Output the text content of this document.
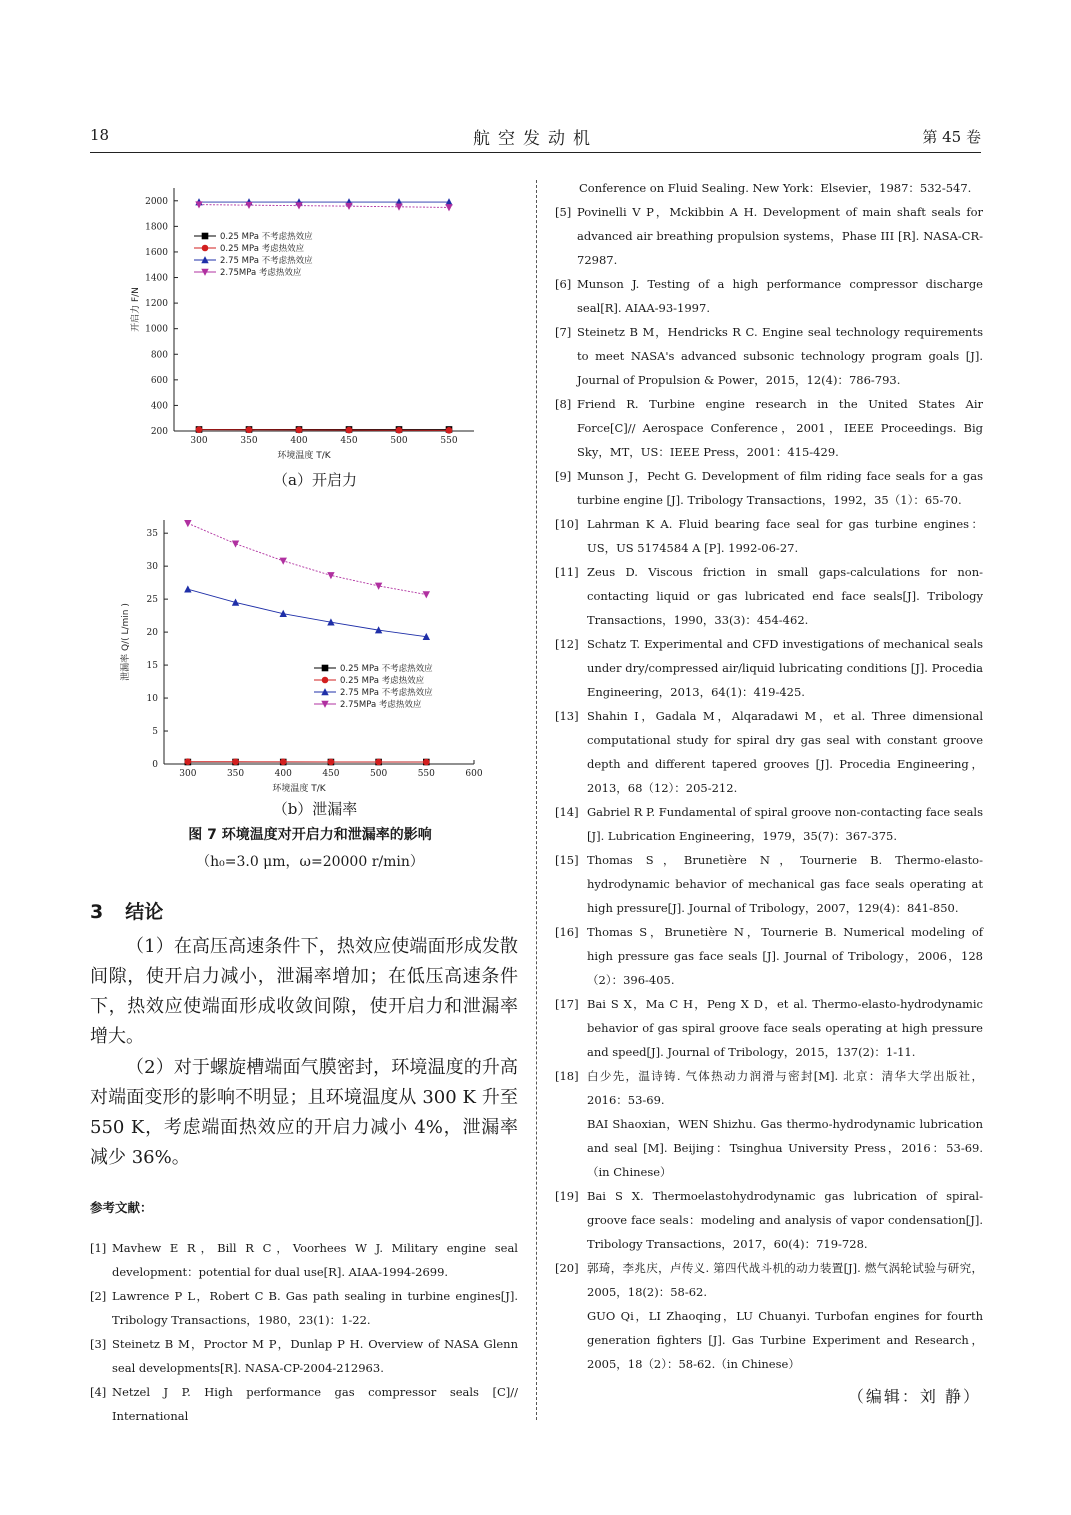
18	航空发动机	第 45 卷
200
400
600
800
1000
1200
1400
1600
1800
2000
300	350	400	450	500	550
环境温度 T/K
开启力 F/N
0.25 MPa 不考虑热效应
0.25 MPa 考虑热效应
2.75 MPa 不考虑热效应
2.75MPa 考虑热效应
（a）开启力
0
5
10
15
20
25
30
35
300	350	400	450	500	550	600
环境温度 T/K
泄漏率 Q/( L/min )	0.25 MPa 不考虑热效应
0.25 MPa 考虑热效应
2.75 MPa 不考虑热效应
2.75MPa 考虑热效应
（b）泄漏率
图 7 环境温度对开启力和泄漏率的影响
（h₀=3.0 μm，ω=20000 r/min）
3 结论
（1）在高压高速条件下，热效应使端面形成发散间隙，使开启力减小，泄漏率增加；在低压高速条件下，热效应使端面形成收敛间隙，使开启力和泄漏率增大。
（2）对于螺旋槽端面气膜密封，环境温度的升高对端面变形的影响不明显；且环境温度从 300 K 升至 550 K，考虑端面热效应的开启力减小 4%，泄漏率减少 36%。
参考文献：
[1] Mavhew E R，Bill R C，Voorhees W J. Military engine seal development：potential for dual use[R]. AIAA-1994-2699.
[2] Lawrence P L，Robert C B. Gas path sealing in turbine engines[J]. Tribology Transactions，1980，23(1)：1-22.
[3] Steinetz B M，Proctor M P，Dunlap P H. Overview of NASA Glenn seal developments[R]. NASA-CP-2004-212963.
[4] Netzel J P. High performance gas compressor seals [C]// International
Conference on Fluid Sealing. New York：Elsevier，1987：532-547.
[5] Povinelli V P，Mckibbin A H. Development of main shaft seals for advanced air breathing propulsion systems，Phase III [R]. NASA-CR-72987.
[6] Munson J. Testing of a high performance compressor discharge seal[R]. AIAA-93-1997.
[7] Steinetz B M，Hendricks R C. Engine seal technology requirements to meet NASA's advanced subsonic technology program goals [J]. Journal of Propulsion & Power，2015，12(4)：786-793.
[8] Friend R. Turbine engine research in the United States Air Force[C]// Aerospace Conference，2001，IEEE Proceedings. Big Sky，MT，US：IEEE Press，2001：415-429.
[9] Munson J，Pecht G. Development of film riding face seals for a gas turbine engine [J]. Tribology Transactions，1992，35（1）：65-70.
[10] Lahrman K A. Fluid bearing face seal for gas turbine engines：US，US 5174584 A [P]. 1992-06-27.
[11] Zeus D. Viscous friction in small gaps-calculations for non-contacting liquid or gas lubricated end face seals[J]. Tribology Transactions，1990，33(3)：454-462.
[12] Schatz T. Experimental and CFD investigations of mechanical seals under dry/compressed air/liquid lubricating conditions [J]. Procedia Engineering，2013，64(1)：419-425.
[13] Shahin I，Gadala M，Alqaradawi M，et al. Three dimensional computational study for spiral dry gas seal with constant groove depth and different tapered grooves [J]. Procedia Engineering，2013，68（12）：205-212.
[14] Gabriel R P. Fundamental of spiral groove non-contacting face seals [J]. Lubrication Engineering，1979，35(7)：367-375.
[15] Thomas S，Brunetière N，Tournerie B. Thermo-elasto-hydrodynamic behavior of mechanical gas face seals operating at high pressure[J]. Journal of Tribology，2007，129(4)：841-850.
[16] Thomas S，Brunetière N，Tournerie B. Numerical modeling of high pressure gas face seals [J]. Journal of Tribology，2006，128（2）：396-405.
[17] Bai S X，Ma C H，Peng X D，et al. Thermo-elasto-hydrodynamic behavior of gas spiral groove face seals operating at high pressure and speed[J]. Journal of Tribology，2015，137(2)：1-11.
[18] 白少先，温诗铸. 气体热动力润滑与密封[M]. 北京：清华大学出版社，2016：53-69.
BAI Shaoxian，WEN Shizhu. Gas thermo-hydrodynamic lubrication and seal [M]. Beijing：Tsinghua University Press，2016：53-69.（in Chinese）
[19] Bai S X. Thermoelastohydrodynamic gas lubrication of spiral-groove face seals：modeling and analysis of vapor condensation[J]. Tribology Transactions，2017，60(4)：719-728.
[20] 郭琦，李兆庆，卢传义. 第四代战斗机的动力装置[J]. 燃气涡轮试验与研究，2005，18(2)：58-62.
GUO Qi，LI Zhaoqing，LU Chuanyi. Turbofan engines for fourth generation fighters [J]. Gas Turbine Experiment and Research，2005，18（2）：58-62.（in Chinese）
（编辑：刘 静）
